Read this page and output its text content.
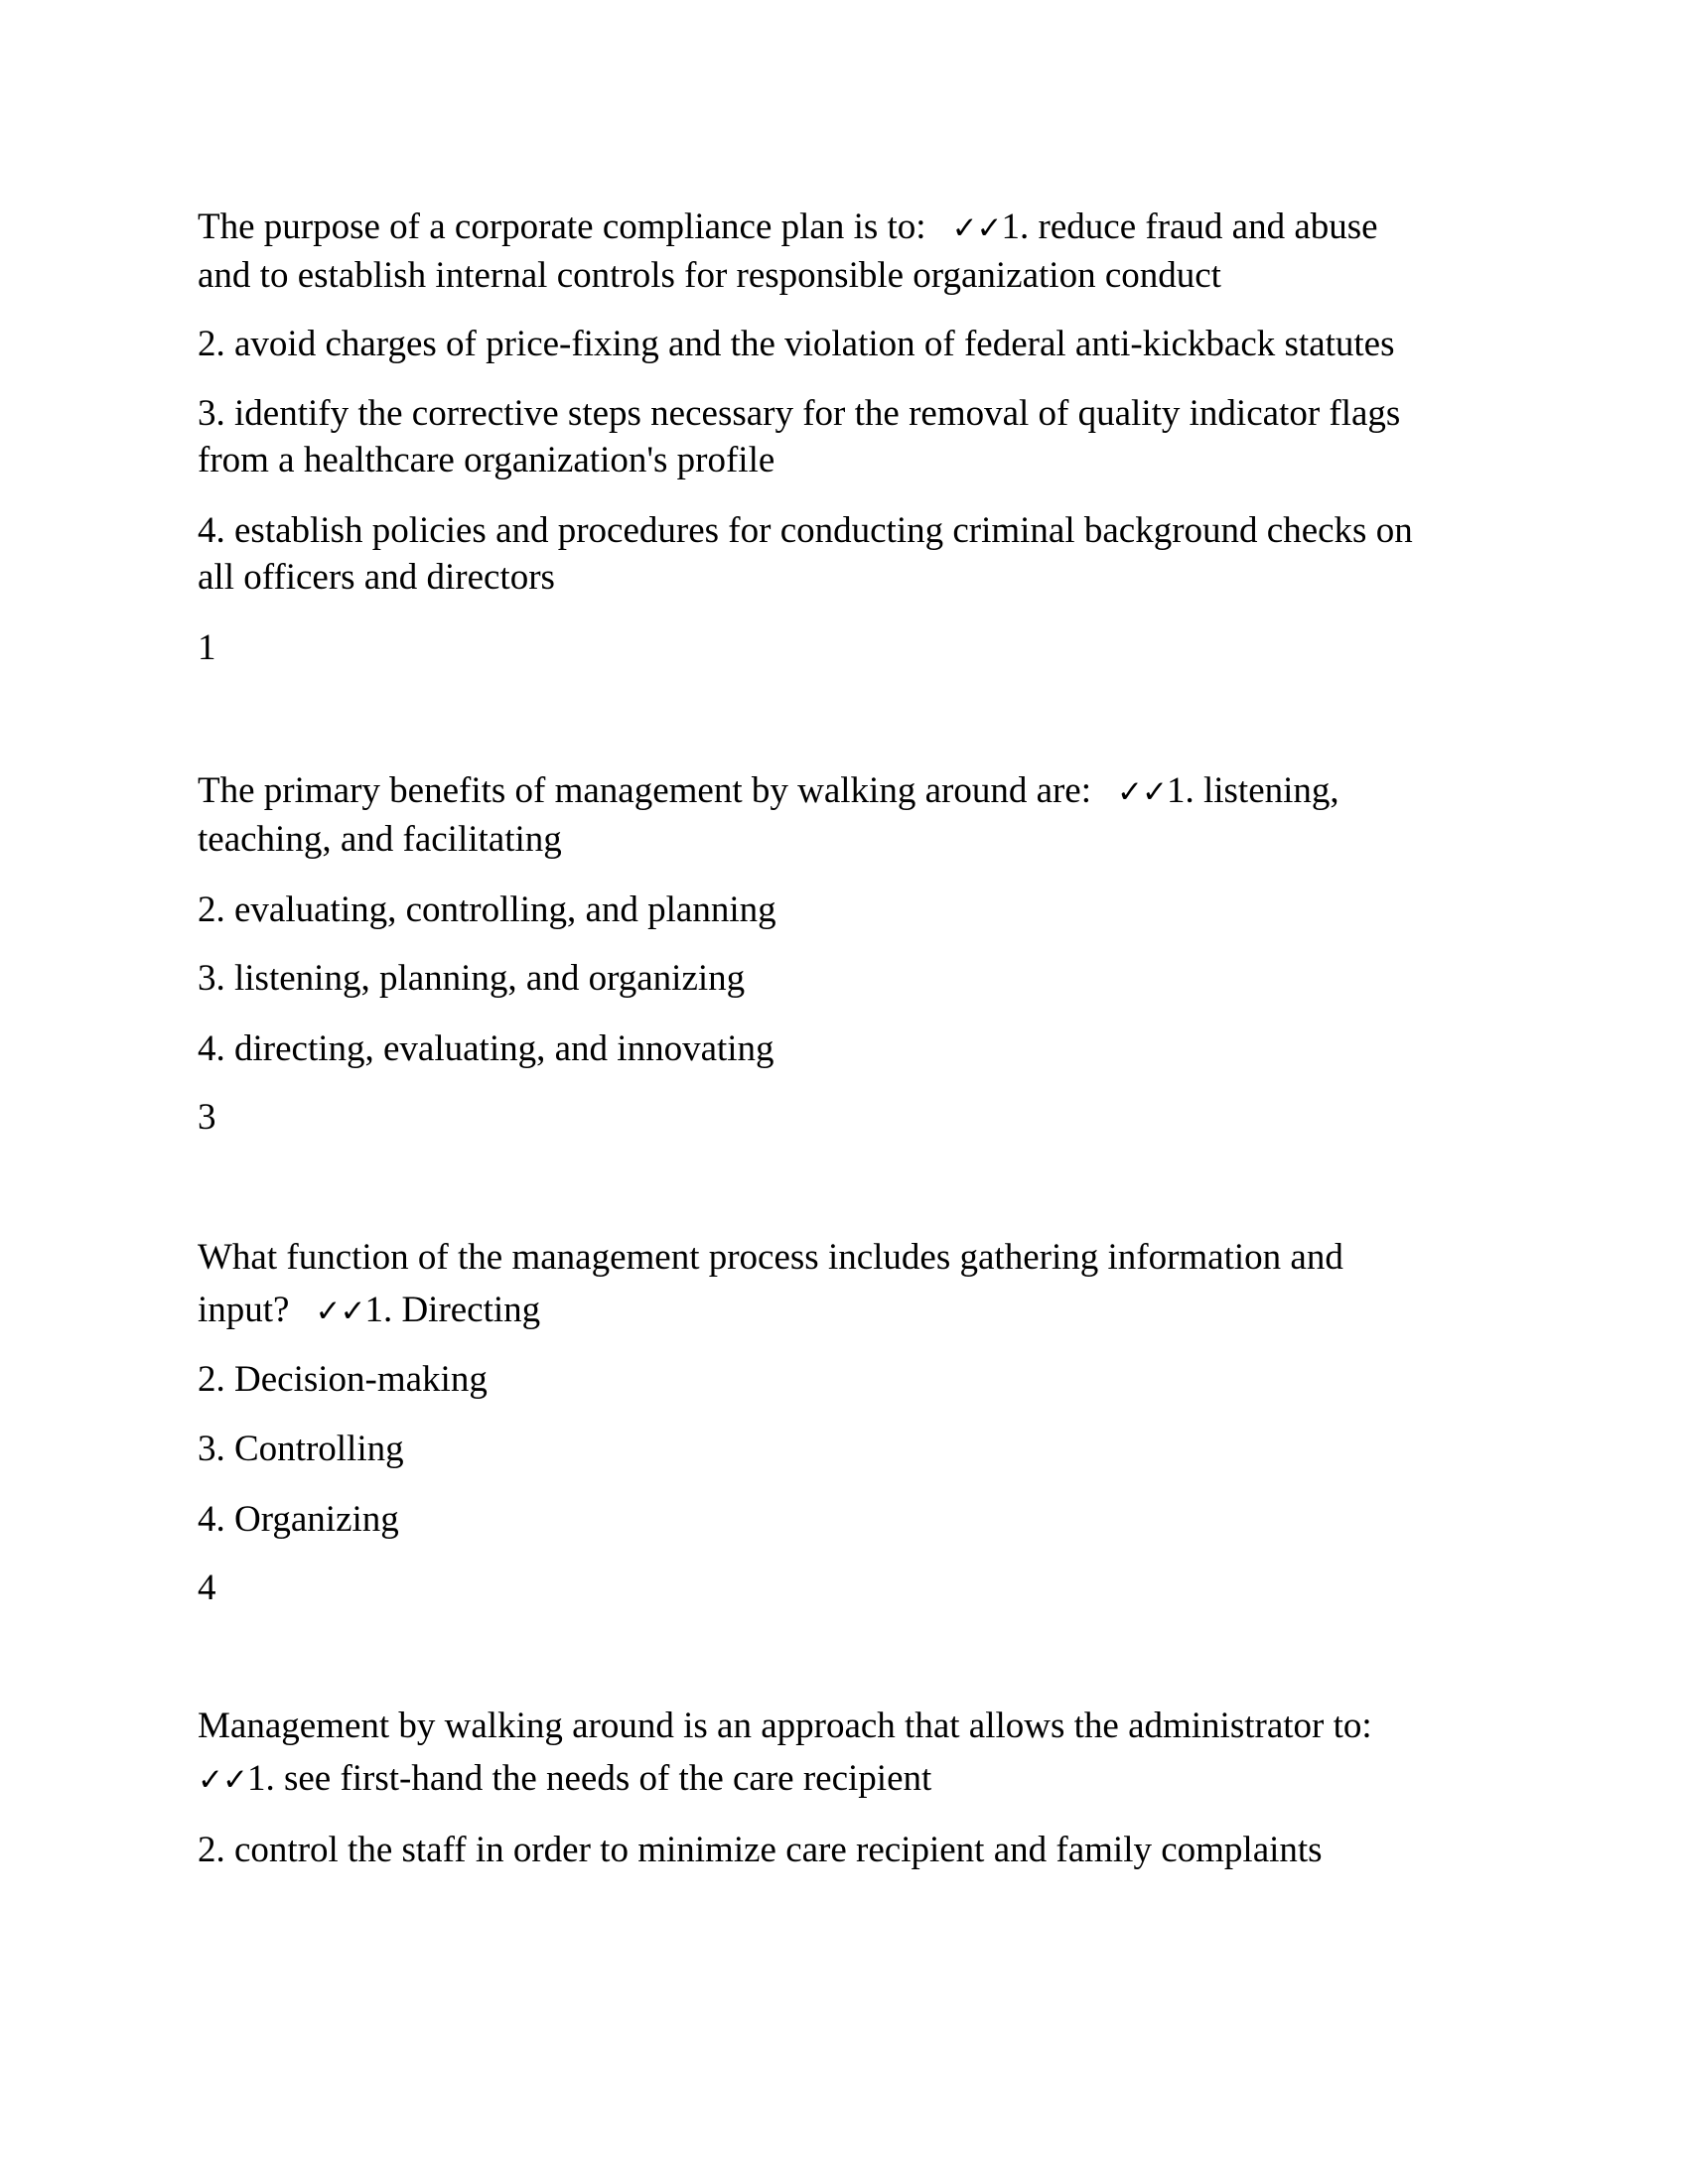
The purpose of a corporate compliance plan is to: ✓✓1. reduce fraud and abuse
and to establish internal controls for responsible organization conduct
2. avoid charges of price-fixing and the violation of federal anti-kickback statutes
3. identify the corrective steps necessary for the removal of quality indicator flags
from a healthcare organization's profile
4. establish policies and procedures for conducting criminal background checks on
all officers and directors
1
The primary benefits of management by walking around are: ✓✓1. listening,
teaching, and facilitating
2. evaluating, controlling, and planning
3. listening, planning, and organizing
4. directing, evaluating, and innovating
3
What function of the management process includes gathering information and
input? ✓✓1. Directing
2. Decision-making
3. Controlling
4. Organizing
4
Management by walking around is an approach that allows the administrator to:
✓✓1. see first-hand the needs of the care recipient
2. control the staff in order to minimize care recipient and family complaints
